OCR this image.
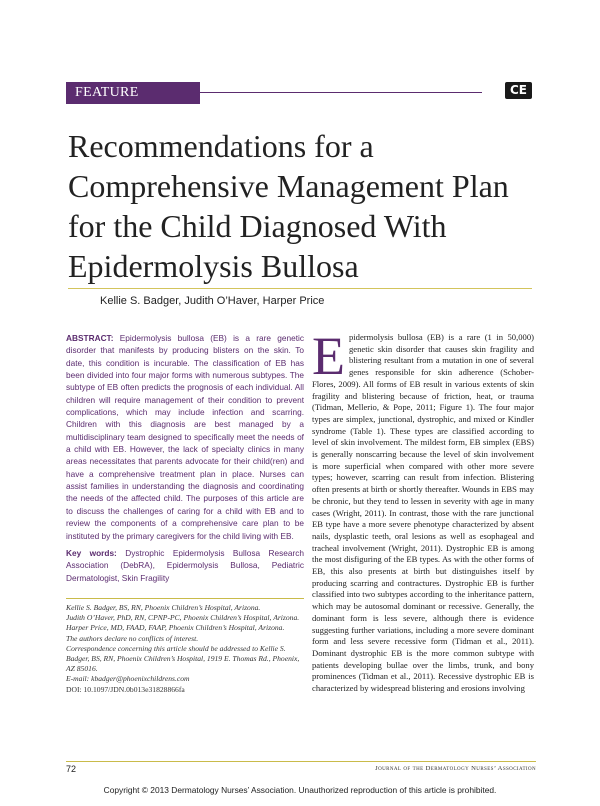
FEATURE ARTICLE
CE
Recommendations for a Comprehensive Management Plan for the Child Diagnosed With Epidermolysis Bullosa
Kellie S. Badger, Judith O’Haver, Harper Price

ABSTRACT: Epidermolysis bullosa (EB) is a rare genetic disorder that manifests by producing blisters on the skin. To date, this condition is incurable. The classification of EB has been divided into four major forms with numerous subtypes. The subtype of EB often predicts the prognosis of each individual. All children will require management of their condition to prevent complications, which may include infection and scarring. Children with this diagnosis are best managed by a multidisciplinary team designed to specifically meet the needs of a child with EB. However, the lack of specialty clinics in many areas necessitates that parents advocate for their child(ren) and have a comprehensive treatment plan in place. Nurses can assist families in understanding the diagnosis and coordinating the needs of the affected child. The purposes of this article are to discuss the challenges of caring for a child with EB and to review the components of a comprehensive care plan to be instituted by the primary caregivers for the child living with EB.

Key words: Dystrophic Epidermolysis Bullosa Research Association (DebRA), Epidermolysis Bullosa, Pediatric Dermatologist, Skin Fragility

Kellie S. Badger, BS, RN, Phoenix Children’s Hospital, Arizona.

Judith O’Haver, PhD, RN, CPNP-PC, Phoenix Children’s Hospital, Arizona.

Harper Price, MD, FAAD, FAAP, Phoenix Children’s Hospital, Arizona.

The authors declare no conflicts of interest.

Correspondence concerning this article should be addressed to Kellie S. Badger, BS, RN, Phoenix Children’s Hospital, 1919 E. Thomas Rd., Phoenix, AZ 85016.

E-mail: kbadger@phoenixchildrens.com

DOI: 10.1097/JDN.0b013e31828866fa

Epidermolysis bullosa (EB) is a rare (1 in 50,000) genetic skin disorder that causes skin fragility and blistering resultant from a mutation in one of several genes responsible for skin adherence (Schober-Flores, 2009). All forms of EB result in various extents of skin fragility and blistering because of friction, heat, or trauma (Tidman, Mellerio, & Pope, 2011; Figure 1). The four major types are simplex, junctional, dystrophic, and mixed or Kindler syndrome (Table 1). These types are classified according to level of skin involvement. The mildest form, EB simplex (EBS) is generally nonscarring because the level of skin involvement is more superficial when compared with other more severe types; however, scarring can result from infection. Blistering often presents at birth or shortly thereafter. Wounds in EBS may be chronic, but they tend to lessen in severity with age in many cases (Wright, 2011). In contrast, those with the rare junctional EB type have a more severe phenotype characterized by absent nails, dysplastic teeth, oral lesions as well as esophageal and tracheal involvement (Wright, 2011). Dystrophic EB is among the most disfiguring of the EB types. As with the other forms of EB, this also presents at birth but distinguishes itself by producing scarring and contractures. Dystrophic EB is further classified into two subtypes according to the inheritance pattern, which may be autosomal dominant or recessive. Generally, the dominant form is less severe, although there is evidence suggesting further variations, including a more severe dominant form and less severe recessive form (Tidman et al., 2011). Dominant dystrophic EB is the more common subtype with patients developing bullae over the limbs, trunk, and bony prominences (Tidman et al., 2011). Recessive dystrophic EB is characterized by widespread blistering and erosions involving

72	Journal of the Dermatology Nurses’ Association
Copyright © 2013 Dermatology Nurses’ Association. Unauthorized reproduction of this article is prohibited.
